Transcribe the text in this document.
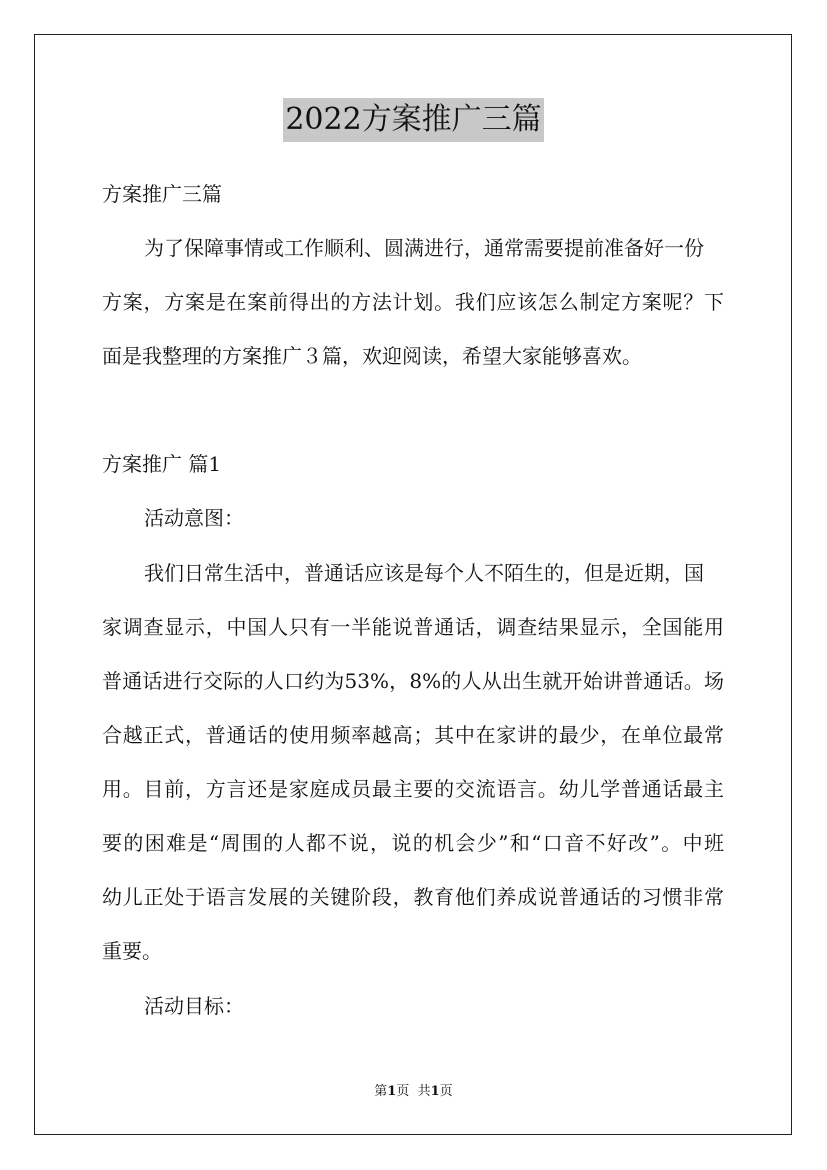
2022方案推广三篇
方案推广三篇
为了保障事情或工作顺利、圆满进行，通常需要提前准备好一份
方案，方案是在案前得出的方法计划。我们应该怎么制定方案呢？下
面是我整理的方案推广３篇，欢迎阅读，希望大家能够喜欢。
方案推广 篇1
活动意图：
我们日常生活中，普通话应该是每个人不陌生的，但是近期，国
家调查显示，中国人只有一半能说普通话，调查结果显示，全国能用
普通话进行交际的人口约为53%，8%的人从出生就开始讲普通话。场
合越正式，普通话的使用频率越高；其中在家讲的最少，在单位最常
用。目前，方言还是家庭成员最主要的交流语言。幼儿学普通话最主
要的困难是“周围的人都不说，说的机会少”和“口音不好改”。中班
幼儿正处于语言发展的关键阶段，教育他们养成说普通话的习惯非常
重要。
活动目标：
第1页 共1页
